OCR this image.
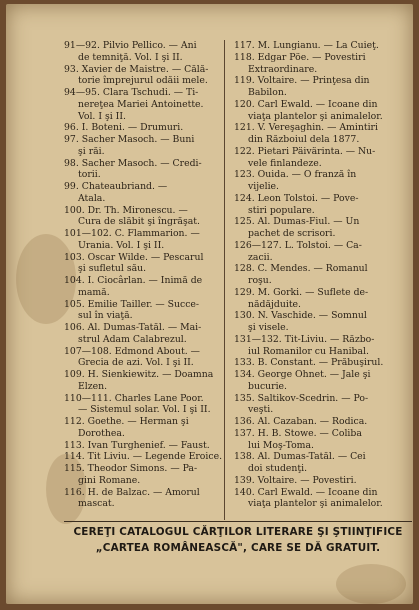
91—92. Pilvio Pellico. — Ani
de temniţă. Vol. I şi II.
93. Xavier de Maistre. — Călă-
torie împrejurul odăii mele.
94—95. Clara Tschudi. — Ti-
nereţea Mariei Antoinette.
Vol. I şi II.
96. I. Boteni. — Drumuri.
97. Sacher Masoch. — Buni
şi răi.
98. Sacher Masoch. — Credi-
torii.
99. Chateaubriand. —
Atala.
100. Dr. Th. Mironescu. —
Cura de slăbit şi îngrăşat.
101—102. C. Flammarion. —
Urania. Vol. I şi II.
103. Oscar Wilde. — Pescarul
şi sufletul său.
104. I. Ciocârlan. — Inimă de
mamă.
105. Emilie Tailler. — Succe-
sul în viaţă.
106. Al. Dumas-Tatăl. — Mai-
strul Adam Calabrezul.
107—108. Edmond About. —
Grecia de azi. Vol. I şi II.
109. H. Sienkiewitz. — Doamna
Elzen.
110—111. Charles Lane Poor.
— Sistemul solar. Vol. I şi II.
112. Goethe. — Herman şi
Dorothea.
113. Ivan Turghenief. — Faust.
114. Tit Liviu. — Legende Eroice.
115. Theodor Simons. — Pa-
gini Romane.
116. H. de Balzac. — Amorul
mascat.
117. M. Lungianu. — La Cuieţ.
118. Edgar Pöe. — Povestiri
Extraordinare.
119. Voltaire. — Prinţesa din
Babilon.
120. Carl Ewald. — Icoane din
viaţa plantelor şi animalelor.
121. V. Vereşaghin. — Amintiri
din Războiul dela 1877.
122. Pietari Päivärinta. — Nu-
vele finlandeze.
123. Ouida. — O franză în
vijelie.
124. Leon Tolstoi. — Pove-
stiri populare.
125. Al. Dumas-Fiul. — Un
pachet de scrisori.
126—127. L. Tolstoi. — Ca-
zacii.
128. C. Mendes. — Romanul
roşu.
129. M. Gorki. — Suflete de-
nădăjduite.
130. N. Vaschide. — Somnul
şi visele.
131—132. Tit-Liviu. — Războ-
iul Romanilor cu Hanibal.
133. B. Constant. — Prăbuşirul.
134. George Ohnet. — Jale şi
bucurie.
135. Saltikov-Scedrin. — Po-
veşti.
136. Al. Cazaban. — Rodica.
137. H. B. Stowe. — Coliba
lui Moş-Toma.
138. Al. Dumas-Tatăl. — Cei
doi studenţi.
139. Voltaire. — Povestiri.
140. Carl Ewald. — Icoane din
viaţa plantelor şi animalelor.
CEREŢI CATALOGUL CĂRŢILOR LITERARE ŞI ŞTIINŢIFICE
„CARTEA ROMÂNEASCĂ", CARE SE DĂ GRATUIT.
